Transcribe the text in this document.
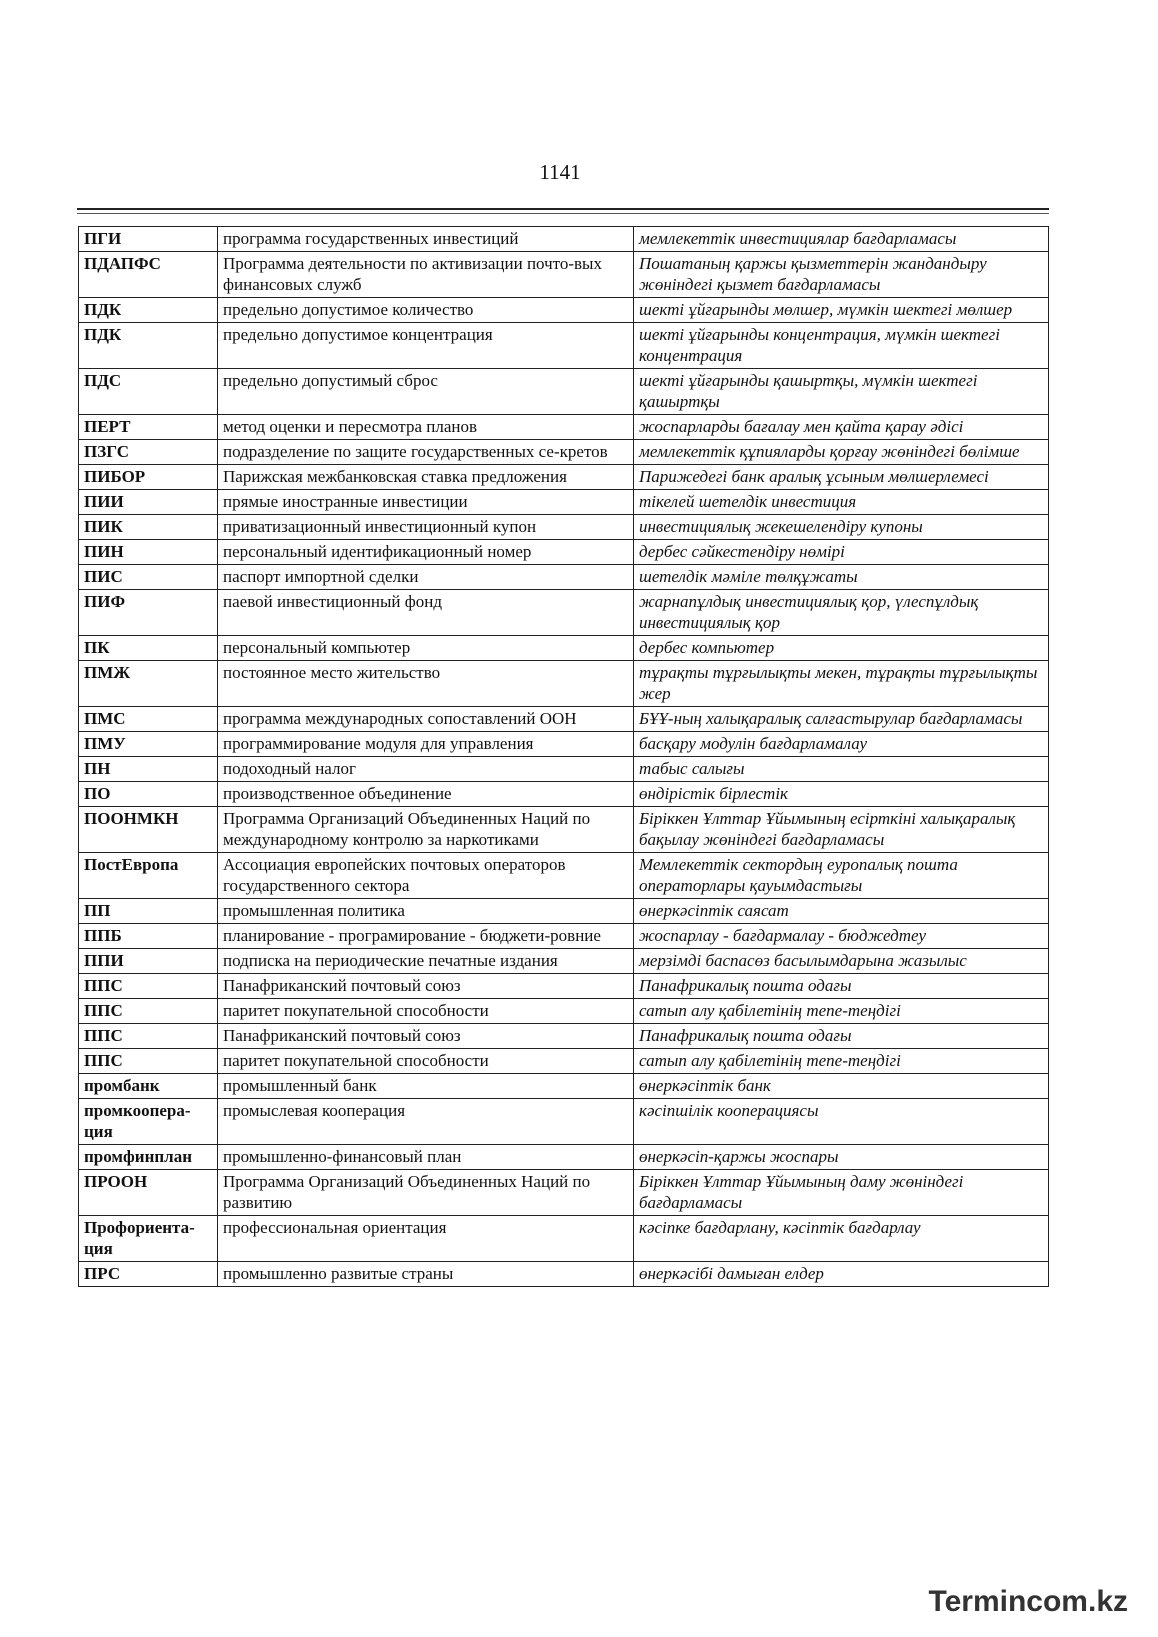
1141
ПГИ	программа государственных инвестиций	мемлекеттік инвестициялар бағдарламасы
ПДАПФС	Программа деятельности по активизации почто-вых финансовых служб	Пошатаның қаржы қызметтерін жандандыру жөніндегі қызмет бағдарламасы
ПДК	предельно допустимое количество	шекті ұйғарынды мөлшер, мүмкін шектегі мөлшер
ПДК	предельно допустимое концентрация	шекті ұйғарынды концентрация, мүмкін шектегі концентрация
ПДС	предельно допустимый сброс	шекті ұйғарынды қашыртқы, мүмкін шектегі қашыртқы
ПЕРТ	метод оценки и пересмотра планов	жоспарларды бағалау мен қайта қарау әдісі
ПЗГС	подразделение по защите государственных се-кретов	мемлекеттік құпияларды қорғау жөніндегі бөлімше
ПИБОР	Парижская межбанковская ставка предложения	Парижедегі банк аралық ұсыным мөлшерлемесі
ПИИ	прямые иностранные инвестиции	тікелей шетелдік инвестиция
ПИК	приватизационный инвестиционный купон	инвестициялық жекешелендіру купоны
ПИН	персональный идентификационный номер	дербес сәйкестендіру нөмірі
ПИС	паспорт импортной сделки	шетелдік мәміле төлқұжаты
ПИФ	паевой инвестиционный фонд	жарнапұлдық инвестициялық қор, үлеспұлдық инвестициялық қор
ПК	персональный компьютер	дербес компьютер
ПМЖ	постоянное место жительство	тұрақты тұрғылықты мекен, тұрақты тұрғылықты жер
ПМС	программа международных сопоставлений ООН	БҰҰ-ның халықаралық салғастырулар бағдарламасы
ПМУ	программирование модуля для управления	басқару модулін бағдарламалау
ПН	подоходный налог	табыс салығы
ПО	производственное объединение	өндірістік бірлестік
ПООНМКН	Программа Организаций Объединенных Наций по международному контролю за наркотиками	Біріккен Ұлттар Ұйымының есірткіні халықаралық бақылау жөніндегі бағдарламасы
ПостЕвропа	Ассоциация европейских почтовых операторов государственного сектора	Мемлекеттік сектордың еуропалық пошта операторлары қауымдастығы
ПП	промышленная политика	өнеркәсіптік саясат
ППБ	планирование - програмирование - бюджети-ровние	жоспарлау - бағдармалау - бюджедтеу
ППИ	подписка на периодические печатные издания	мерзімді баспасөз басылымдарына жазылыс
ППС	Панафриканский почтовый союз	Панафрикалық пошта одағы
ППС	паритет покупательной способности	сатып алу қабілетінің тепе-теңдігі
ППС	Панафриканский почтовый союз	Панафрикалық пошта одағы
ППС	паритет покупательной способности	сатып алу қабілетінің тепе-теңдігі
промбанк	промышленный банк	өнеркәсіптік банк
промкоопера-ция	промыслевая кооперация	кәсіпшілік кооперациясы
промфинплан	промышленно-финансовый план	өнеркәсіп-қаржы жоспары
ПРООН	Программа Организаций Объединенных Наций по развитию	Біріккен Ұлттар Ұйымының даму жөніндегі бағдарламасы
Профориента-ция	профессиональная ориентация	кәсіпке бағдарлану, кәсіптік бағдарлау
ПРС	промышленно развитые страны	өнеркәсібі дамыған елдер
Termincom.kz
